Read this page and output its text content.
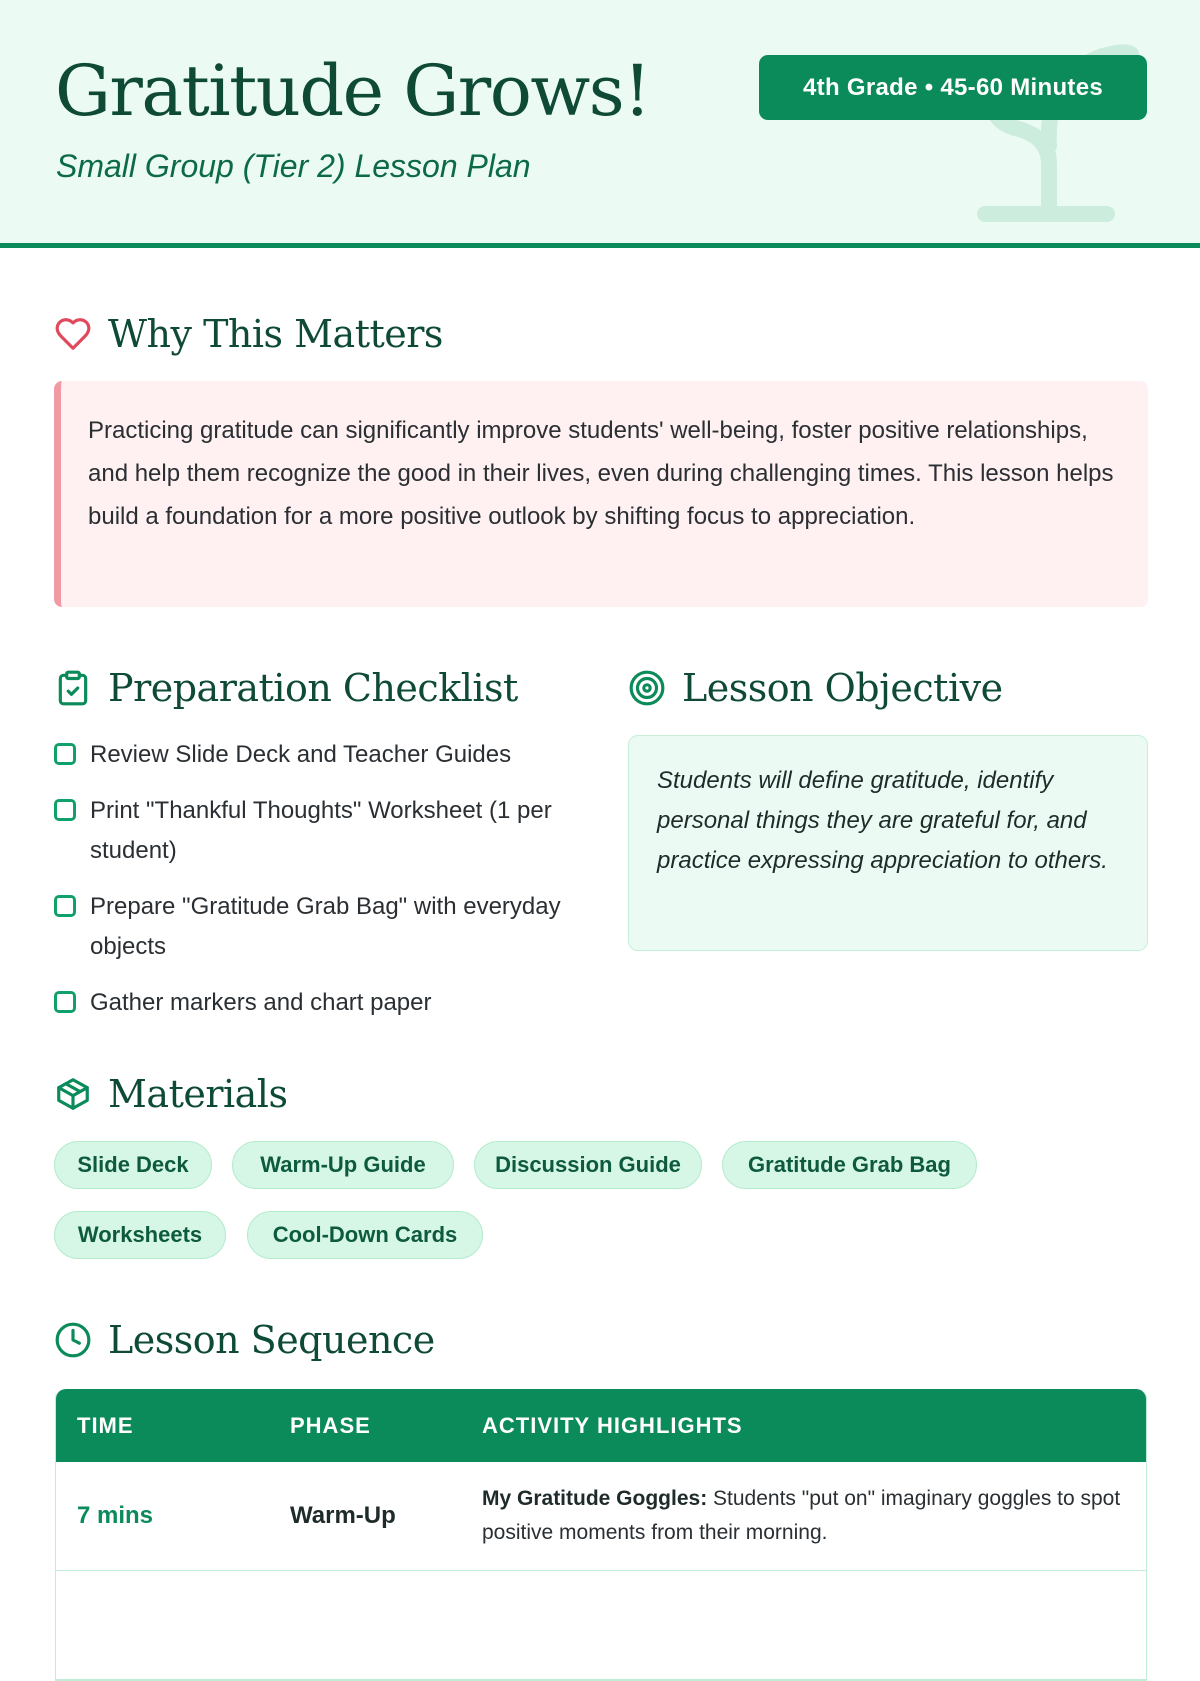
Gratitude Grows!

Small Group (Tier 2) Lesson Plan

4th Grade • 45-60 Minutes
Why This Matters

Practicing gratitude can significantly improve students' well-being, foster positive relationships, and help them recognize the good in their lives, even during challenging times. This lesson helps build a foundation for a more positive outlook by shifting focus to appreciation.

Preparation Checklist
Review Slide Deck and Teacher Guides
Print "Thankful Thoughts" Worksheet (1 per student)
Prepare "Gratitude Grab Bag" with everyday objects
Gather markers and chart paper
Lesson Objective

Students will define gratitude, identify personal things they are grateful for, and practice expressing appreciation to others.

Materials
Slide Deck	Warm-Up Guide	Discussion Guide	Gratitude Grab Bag
Worksheets	Cool-Down Cards
Lesson Sequence
TIME	PHASE	ACTIVITY HIGHLIGHTS
7 mins	Warm-Up	My Gratitude Goggles: Students "put on" imaginary goggles to spot positive moments from their morning.
